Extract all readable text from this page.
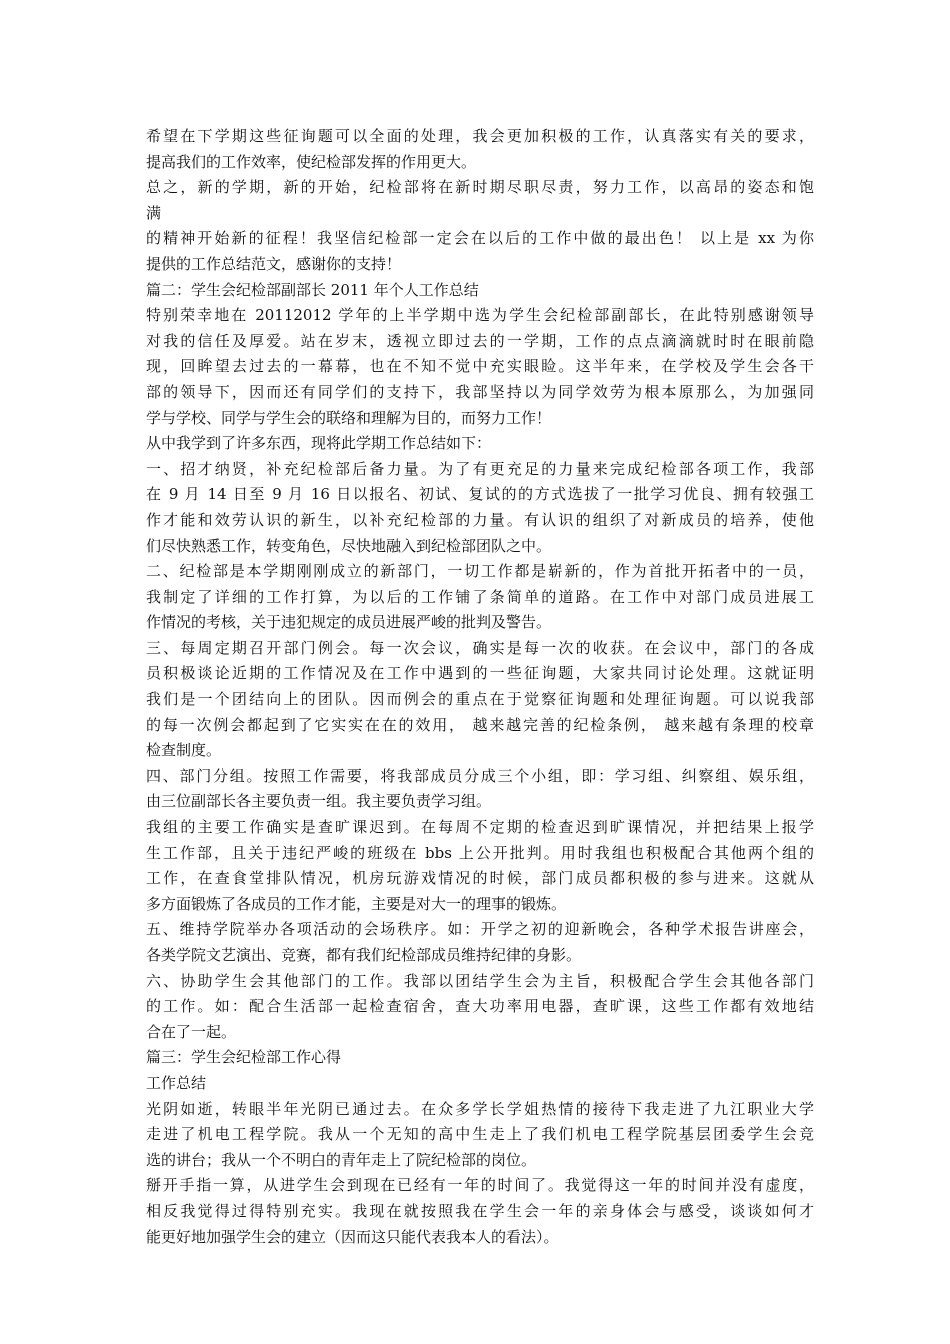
希望在下学期这些征询题可以全面的处理，我会更加积极的工作，认真落实有关的要求，
提高我们的工作效率，使纪检部发挥的作用更大。
总之，新的学期，新的开始，纪检部将在新时期尽职尽责，努力工作，以高昂的姿态和饱
满
的精神开始新的征程！我坚信纪检部一定会在以后的工作中做的最出色！ 以上是 xx 为你
提供的工作总结范文，感谢你的支持！
篇二：学生会纪检部副部长 2011 年个人工作总结
特别荣幸地在 20112012 学年的上半学期中选为学生会纪检部副部长，在此特别感谢领导
对我的信任及厚爱。站在岁末，透视立即过去的一学期，工作的点点滴滴就时时在眼前隐
现，回眸望去过去的一幕幕，也在不知不觉中充实眼睑。这半年来，在学校及学生会各干
部的领导下，因而还有同学们的支持下，我部坚持以为同学效劳为根本原那么，为加强同
学与学校、同学与学生会的联络和理解为目的，而努力工作！
从中我学到了许多东西，现将此学期工作总结如下：
一、招才纳贤，补充纪检部后备力量。为了有更充足的力量来完成纪检部各项工作，我部
在 9 月 14 日至 9 月 16 日以报名、初试、复试的的方式选拔了一批学习优良、拥有较强工
作才能和效劳认识的新生，以补充纪检部的力量。有认识的组织了对新成员的培养，使他
们尽快熟悉工作，转变角色，尽快地融入到纪检部团队之中。
二、纪检部是本学期刚刚成立的新部门，一切工作都是崭新的，作为首批开拓者中的一员，
我制定了详细的工作打算，为以后的工作铺了条简单的道路。在工作中对部门成员进展工
作情况的考核，关于违犯规定的成员进展严峻的批判及警告。
三、每周定期召开部门例会。每一次会议，确实是每一次的收获。在会议中，部门的各成
员积极谈论近期的工作情况及在工作中遇到的一些征询题，大家共同讨论处理。这就证明
我们是一个团结向上的团队。因而例会的重点在于觉察征询题和处理征询题。可以说我部
的每一次例会都起到了它实实在在的效用， 越来越完善的纪检条例， 越来越有条理的校章
检查制度。
四、部门分组。按照工作需要，将我部成员分成三个小组，即：学习组、纠察组、娱乐组，
由三位副部长各主要负责一组。我主要负责学习组。
我组的主要工作确实是查旷课迟到。在每周不定期的检查迟到旷课情况，并把结果上报学
生工作部，且关于违纪严峻的班级在 bbs 上公开批判。用时我组也积极配合其他两个组的
工作，在查食堂排队情况，机房玩游戏情况的时候，部门成员都积极的参与进来。这就从
多方面锻炼了各成员的工作才能，主要是对大一的理事的锻炼。
五、维持学院举办各项活动的会场秩序。如：开学之初的迎新晚会，各种学术报告讲座会，
各类学院文艺演出、竞赛，都有我们纪检部成员维持纪律的身影。
六、协助学生会其他部门的工作。我部以团结学生会为主旨，积极配合学生会其他各部门
的工作。如：配合生活部一起检查宿舍，查大功率用电器，查旷课，这些工作都有效地结
合在了一起。
篇三：学生会纪检部工作心得
工作总结
光阴如逝，转眼半年光阴已通过去。在众多学长学姐热情的接待下我走进了九江职业大学
走进了机电工程学院。我从一个无知的高中生走上了我们机电工程学院基层团委学生会竞
选的讲台；我从一个不明白的青年走上了院纪检部的岗位。
掰开手指一算，从进学生会到现在已经有一年的时间了。我觉得这一年的时间并没有虚度，
相反我觉得过得特别充实。我现在就按照我在学生会一年的亲身体会与感受，谈谈如何才
能更好地加强学生会的建立（因而这只能代表我本人的看法）。
